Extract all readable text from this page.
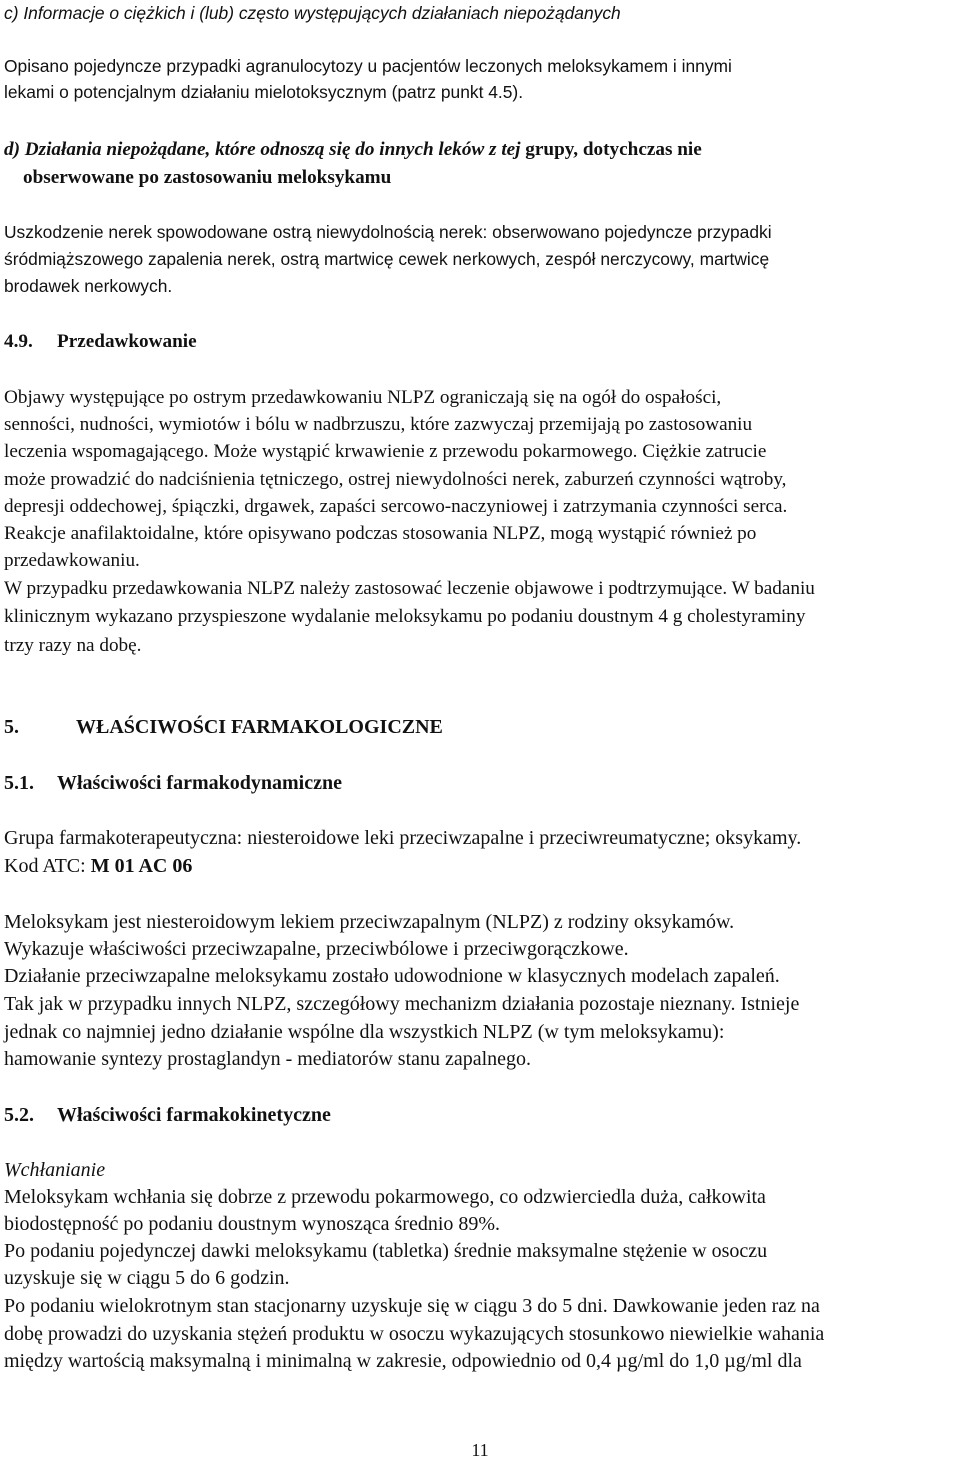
c) Informacje o ciężkich i (lub) często występujących działaniach niepożądanych
Opisano pojedyncze przypadki agranulocytozy u pacjentów leczonych meloksykamem i innymi
lekami o potencjalnym działaniu mielotoksycznym (patrz punkt 4.5).
d) Działania niepożądane, które odnoszą się do innych leków z tej grupy, dotychczas nie
obserwowane po zastosowaniu meloksykamu
Uszkodzenie nerek spowodowane ostrą niewydolnością nerek: obserwowano pojedyncze przypadki
śródmiąższowego zapalenia nerek, ostrą martwicę cewek nerkowych, zespół nerczycowy, martwicę
brodawek nerkowych.
4.9. Przedawkowanie
Objawy występujące po ostrym przedawkowaniu NLPZ ograniczają się na ogół do ospałości,
senności, nudności, wymiotów i bólu w nadbrzuszu, które zazwyczaj przemijają po zastosowaniu
leczenia wspomagającego. Może wystąpić krwawienie z przewodu pokarmowego. Ciężkie zatrucie
może prowadzić do nadciśnienia tętniczego, ostrej niewydolności nerek, zaburzeń czynności wątroby,
depresji oddechowej, śpiączki, drgawek, zapaści sercowo-naczyniowej i zatrzymania czynności serca.
Reakcje anafilaktoidalne, które opisywano podczas stosowania NLPZ, mogą wystąpić również po
przedawkowaniu.
W przypadku przedawkowania NLPZ należy zastosować leczenie objawowe i podtrzymujące. W badaniu
klinicznym wykazano przyspieszone wydalanie meloksykamu po podaniu doustnym 4 g cholestyraminy
trzy razy na dobę.
5.	WŁAŚCIWOŚCI FARMAKOLOGICZNE
5.1. Właściwości farmakodynamiczne
Grupa farmakoterapeutyczna: niesteroidowe leki przeciwzapalne i przeciwreumatyczne; oksykamy.
Kod ATC: M 01 AC 06
Meloksykam jest niesteroidowym lekiem przeciwzapalnym (NLPZ) z rodziny oksykamów.
Wykazuje właściwości przeciwzapalne, przeciwbólowe i przeciwgorączkowe.
Działanie przeciwzapalne meloksykamu zostało udowodnione w klasycznych modelach zapaleń.
Tak jak w przypadku innych NLPZ, szczegółowy mechanizm działania pozostaje nieznany. Istnieje
jednak co najmniej jedno działanie wspólne dla wszystkich NLPZ (w tym meloksykamu):
hamowanie syntezy prostaglandyn - mediatorów stanu zapalnego.
5.2. Właściwości farmakokinetyczne
Wchłanianie
Meloksykam wchłania się dobrze z przewodu pokarmowego, co odzwierciedla duża, całkowita
biodostępność po podaniu doustnym wynosząca średnio 89%.
Po podaniu pojedynczej dawki meloksykamu (tabletka) średnie maksymalne stężenie w osoczu
uzyskuje się w ciągu 5 do 6 godzin.
Po podaniu wielokrotnym stan stacjonarny uzyskuje się w ciągu 3 do 5 dni. Dawkowanie jeden raz na
dobę prowadzi do uzyskania stężeń produktu w osoczu wykazujących stosunkowo niewielkie wahania
między wartością maksymalną i minimalną w zakresie, odpowiednio od 0,4 µg/ml do 1,0 µg/ml dla
11
